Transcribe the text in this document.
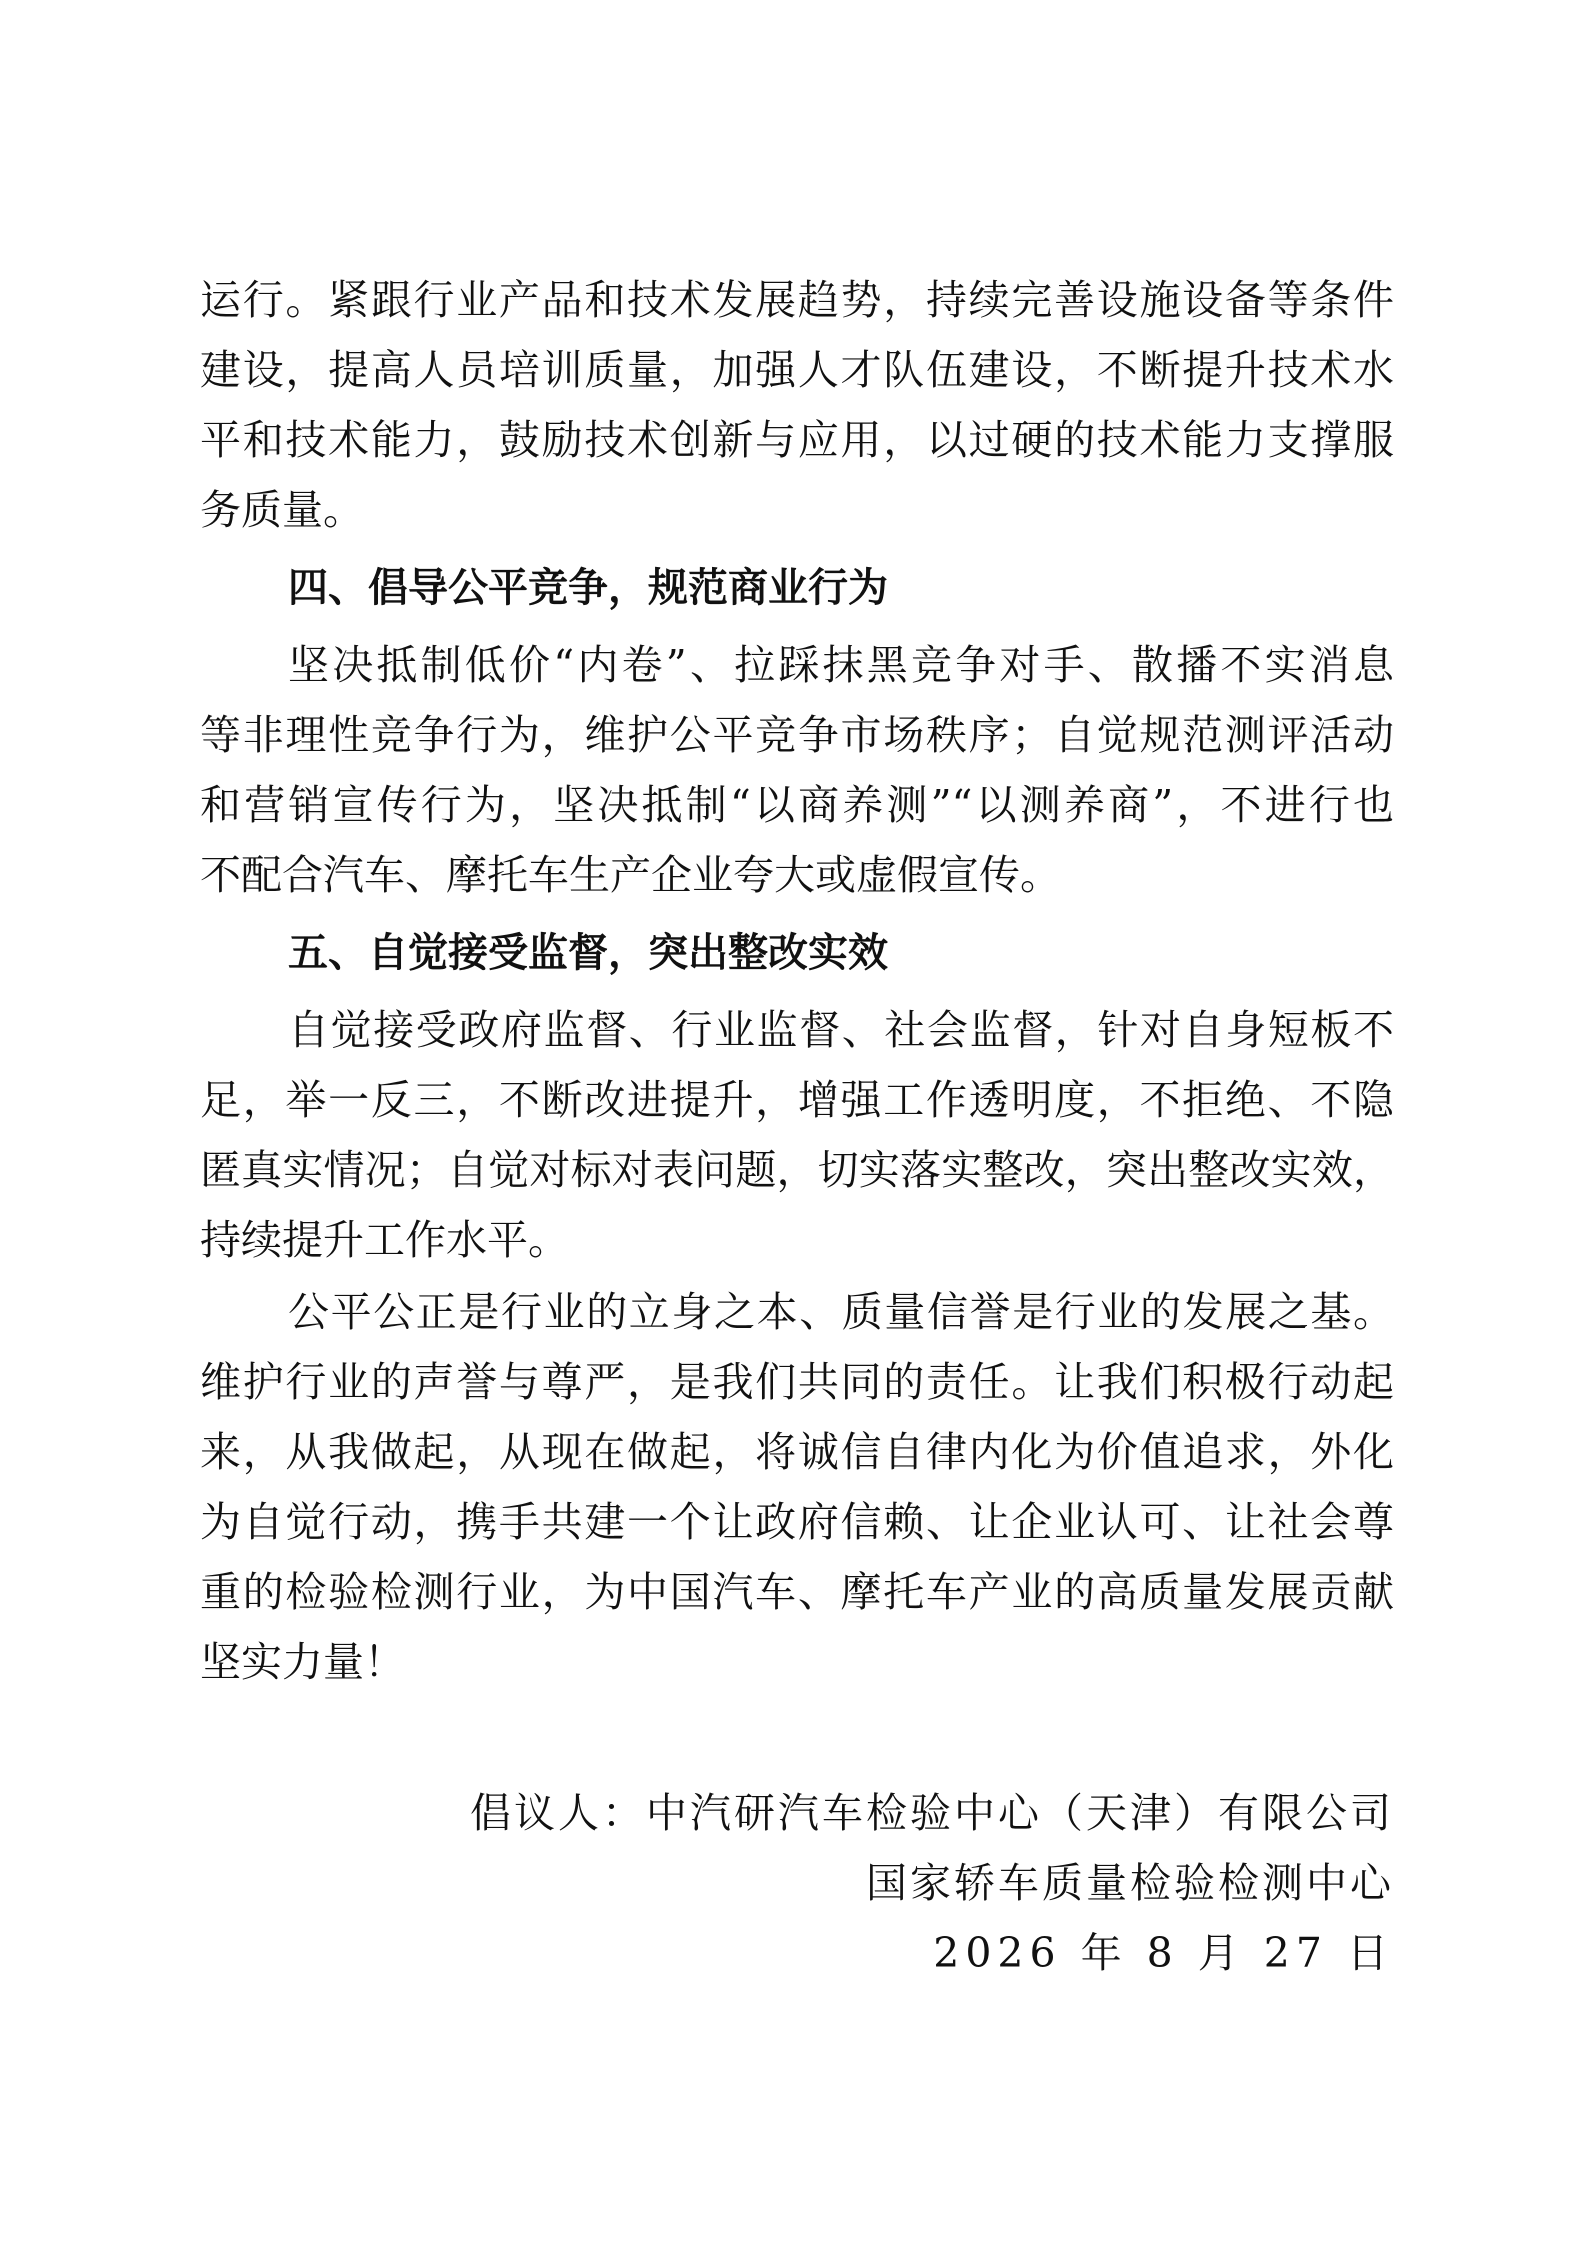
运行。紧跟行业产品和技术发展趋势，持续完善设施设备等条件
建设，提高人员培训质量，加强人才队伍建设，不断提升技术水
平和技术能力，鼓励技术创新与应用，以过硬的技术能力支撑服
务质量。
四、倡导公平竞争，规范商业行为
坚决抵制低价“内卷”、拉踩抹黑竞争对手、散播不实消息
等非理性竞争行为，维护公平竞争市场秩序；自觉规范测评活动
和营销宣传行为，坚决抵制“以商养测”“以测养商”，不进行也
不配合汽车、摩托车生产企业夸大或虚假宣传。
五、自觉接受监督，突出整改实效
自觉接受政府监督、行业监督、社会监督，针对自身短板不
足，举一反三，不断改进提升，增强工作透明度，不拒绝、不隐
匿真实情况；自觉对标对表问题，切实落实整改，突出整改实效，
持续提升工作水平。
公平公正是行业的立身之本、质量信誉是行业的发展之基。
维护行业的声誉与尊严，是我们共同的责任。让我们积极行动起
来，从我做起，从现在做起，将诚信自律内化为价值追求，外化
为自觉行动，携手共建一个让政府信赖、让企业认可、让社会尊
重的检验检测行业，为中国汽车、摩托车产业的高质量发展贡献
坚实力量！
倡议人：中汽研汽车检验中心（天津）有限公司
国家轿车质量检验检测中心
2026 年 8 月 27 日
